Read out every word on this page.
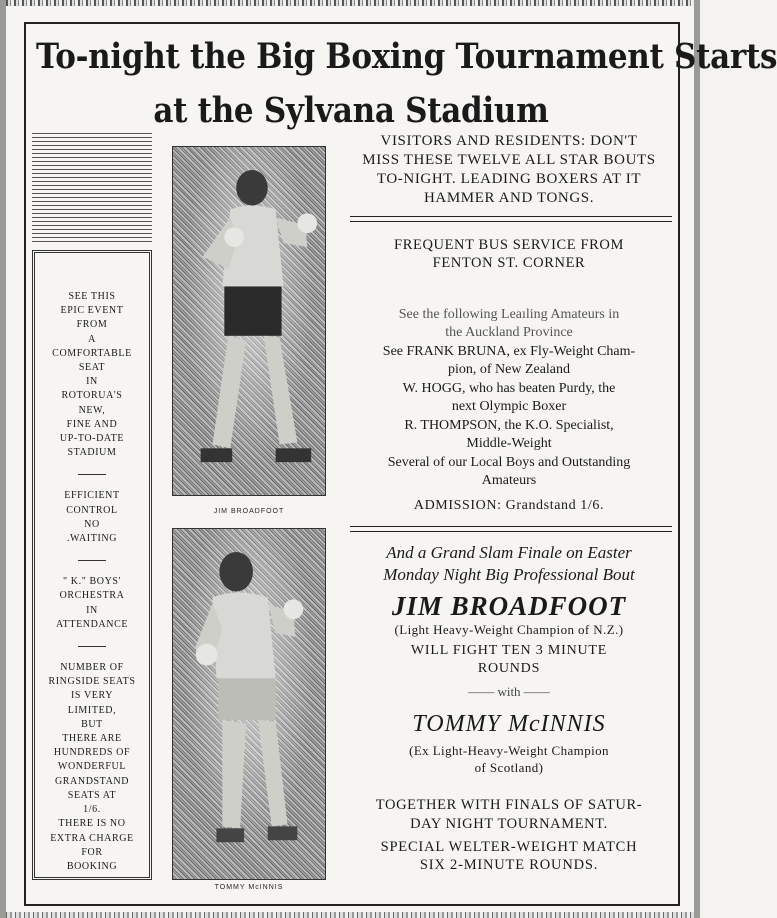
To-night the Big Boxing Tournament Starts
at the Sylvana Stadium
SEE THIS
EPIC EVENT
FROM
A
COMFORTABLE
SEAT
IN
ROTORUA'S
NEW,
FINE AND
UP-TO-DATE
STADIUM
EFFICIENT
CONTROL
NO
.WAITING
" K." BOYS'
ORCHESTRA
IN
ATTENDANCE
NUMBER OF
RINGSIDE SEATS
IS VERY
LIMITED,
BUT
THERE ARE
HUNDREDS OF
WONDERFUL
GRANDSTAND
SEATS AT
1/6.
THERE IS NO
EXTRA CHARGE
FOR
BOOKING
JIM BROADFOOT
TOMMY McINNIS
VISITORS AND RESIDENTS: DON'T
MISS THESE TWELVE ALL STAR BOUTS
TO-NIGHT. LEADING BOXERS AT IT
HAMMER AND TONGS.
FREQUENT BUS SERVICE FROM
FENTON ST. CORNER
See the following Leaıling Amateurs in
the Auckland Province
See FRANK BRUNA, ex Fly-Weight Cham-
pion, of New Zealand
W. HOGG, who has beaten Purdy, the
next Olympic Boxer
R. THOMPSON, the K.O. Specialist,
Middle-Weight
Several of our Local Boys and Outstanding
Amateurs
ADMISSION: Grandstand 1/6.
And a Grand Slam Finale on Easter
Monday Night Big Professional Bout
JIM BROADFOOT
(Light Heavy-Weight Champion of N.Z.)
WILL FIGHT TEN 3 MINUTE
ROUNDS
—— with ——
TOMMY McINNIS
(Ex Light-Heavy-Weight Champion
of Scotland)
TOGETHER WITH FINALS OF SATUR-
DAY NIGHT TOURNAMENT.
SPECIAL WELTER-WEIGHT MATCH
SIX 2-MINUTE ROUNDS.
